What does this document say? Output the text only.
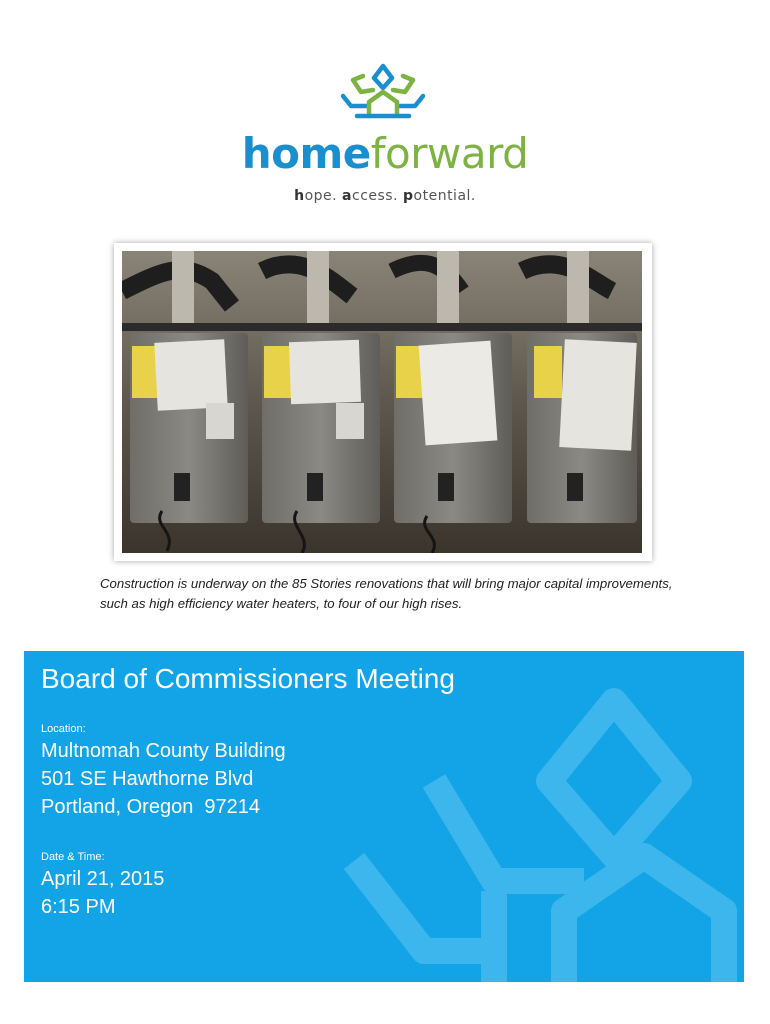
homeforward
hope. access. potential.
Construction is underway on the 85 Stories renovations that will bring major capital improvements, such as high efficiency water heaters, to four of our high rises.
Board of Commissioners Meeting
Location:
Multnomah County Building
501 SE Hawthorne Blvd
Portland, Oregon  97214
Date & Time:
April 21, 2015
6:15 PM
